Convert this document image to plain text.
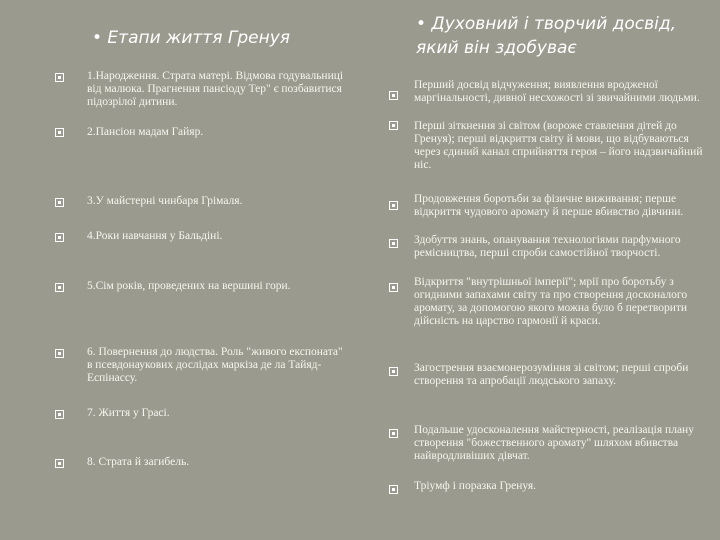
• Етапи життя Гренуя
• Духовний і творчий досвід, який він здобуває
1.Народження. Страта матері. Відмова годувальниці від малюка. Прагнення пансіоду Тер" є позбавитися підозрілої дитини.
2.Пансіон мадам Гайяр.
3.У майстерні чинбаря Грімаля.
4.Роки навчання у Бальдіні.
5.Сім років, проведених на вершині гори.
6. Повернення до людства. Роль "живого експоната" в псевдонаукових дослідах маркіза де ла Тайяд-Еспінассу.
7. Життя у Грасі.
8. Страта й загибель.
Перший досвід відчуження; виявлення вродженої маргінальності, дивної несхожості зі звичайними людьми.
Перші зіткнення зі світом (вороже ставлення дітей до Гренуя); перші відкриття світу й мови, що відбуваються через єдиний канал сприйняття героя – його надзвичайний ніс.
Продовження боротьби за фізичне виживання; перше відкриття чудового аромату й перше вбивство дівчини.
Здобуття знань, опанування технологіями парфумного ремісництва, перші спроби самостійної творчості.
Відкриття "внутрішньої імперії"; мрії про боротьбу з огидними запахами світу та про створення досконалого аромату, за допомогою якого можна було б перетворити дійсність на царство гармонії й краси.
Загострення взаємонерозуміння зі світом; перші спроби створення та апробації людського запаху.
Подальше удосконалення майстерності, реалізація плану створення "божественного аромату" шляхом вбивства найвродливіших дівчат.
Тріумф і поразка Гренуя.
